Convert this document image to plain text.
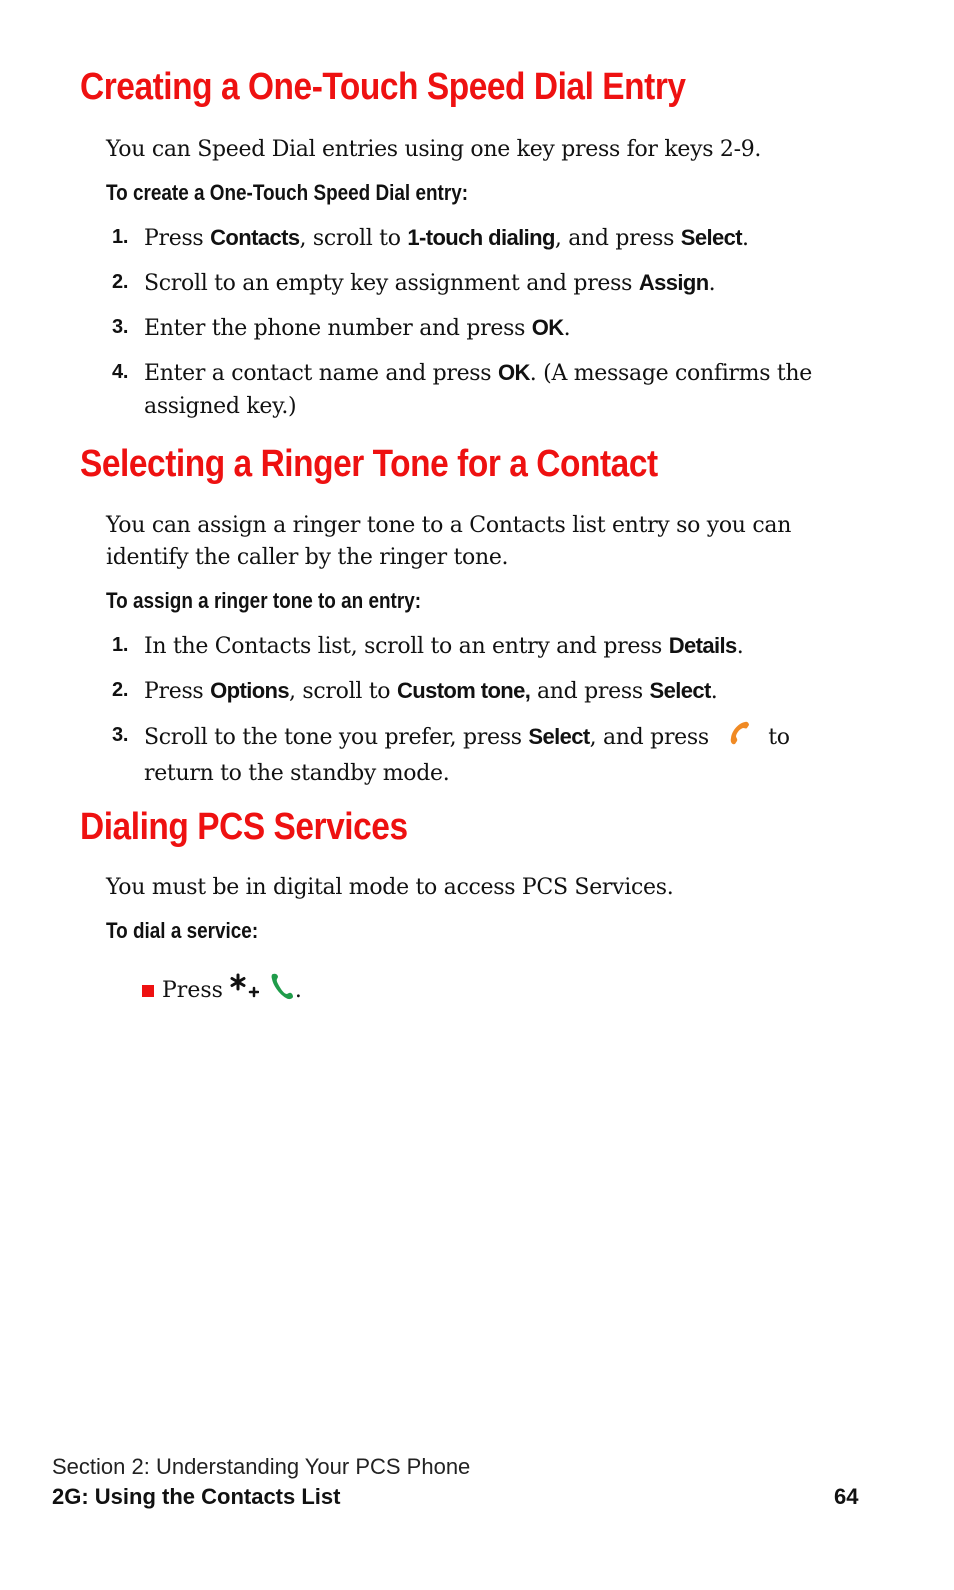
Creating a One-Touch Speed Dial Entry

You can Speed Dial entries using one key press for keys 2-9.

To create a One-Touch Speed Dial entry:

1. Press Contacts, scroll to 1-touch dialing, and press Select.
2. Scroll to an empty key assignment and press Assign.
3. Enter the phone number and press OK.
4. Enter a contact name and press OK. (A message confirms the assigned key.)
Selecting a Ringer Tone for a Contact

You can assign a ringer tone to a Contacts list entry so you can identify the caller by the ringer tone.

To assign a ringer tone to an entry:

1. In the Contacts list, scroll to an entry and press Details.
2. Press Options, scroll to Custom tone, and press Select.
3. Scroll to the tone you prefer, press Select, and press  to return to the standby mode.
Dialing PCS Services

You must be in digital mode to access PCS Services.

To dial a service:

Press	.

Section 2: Understanding Your PCS Phone

2G: Using the Contacts List	64
